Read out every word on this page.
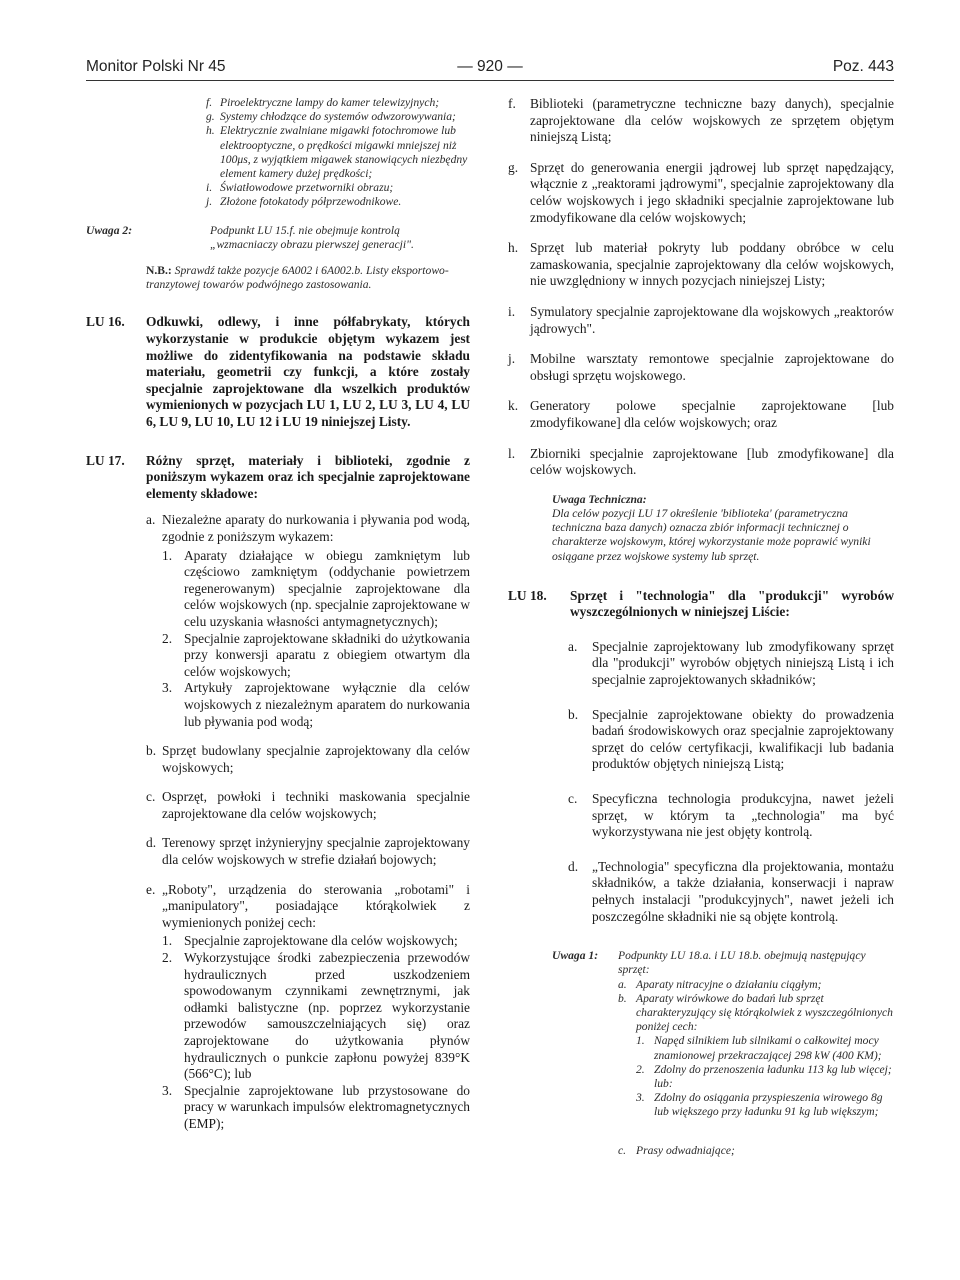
Monitor Polski Nr 45	— 920 —	Poz. 443
f. Piroelektryczne lampy do kamer telewizyjnych;
g. Systemy chłodzące do systemów odwzorowywania;
h. Elektrycznie zwalniane migawki fotochromowe lub elektrooptyczne, o prędkości migawki mniejszej niż 100μs, z wyjątkiem migawek stanowiących niezbędny element kamery dużej prędkości;
i. Światłowodowe przetworniki obrazu;
j. Złożone fotokatody półprzewodnikowe.
Uwaga 2:	Podpunkt LU 15.f. nie obejmuje kontrolą „wzmacniaczy obrazu pierwszej generacji".
N.B.: Sprawdź także pozycje 6A002 i 6A002.b. Listy eksportowo-tranzytowej towarów podwójnego zastosowania.
LU 16.	Odkuwki, odlewy, i inne półfabrykaty, których wykorzystanie w produkcie objętym wykazem jest możliwe do zidentyfikowania na podstawie składu materiału, geometrii czy funkcji, a które zostały specjalnie zaprojektowane dla wszelkich produktów wymienionych w pozycjach LU 1, LU 2, LU 3, LU 4, LU 6, LU 9, LU 10, LU 12 i LU 19 niniejszej Listy.
LU 17.	Różny sprzęt, materiały i biblioteki, zgodnie z poniższym wykazem oraz ich specjalnie zaprojektowane elementy składowe:
a. Niezależne aparaty do nurkowania i pływania pod wodą, zgodnie z poniższym wykazem:
1. Aparaty działające w obiegu zamkniętym lub częściowo zamkniętym (oddychanie powietrzem regenerowanym) specjalnie zaprojektowane dla celów wojskowych (np. specjalnie zaprojektowane w celu uzyskania własności antymagnetycznych);
2. Specjalnie zaprojektowane składniki do użytkowania przy konwersji aparatu z obiegiem otwartym dla celów wojskowych;
3. Artykuły zaprojektowane wyłącznie dla celów wojskowych z niezależnym aparatem do nurkowania lub pływania pod wodą;
b. Sprzęt budowlany specjalnie zaprojektowany dla celów wojskowych;
c. Osprzęt, powłoki i techniki maskowania specjalnie zaprojektowane dla celów wojskowych;
d. Terenowy sprzęt inżynieryjny specjalnie zaprojektowany dla celów wojskowych w strefie działań bojowych;
e. „Roboty", urządzenia do sterowania „robotami" i „manipulatory", posiadające którąkolwiek z wymienionych poniżej cech:
1. Specjalnie zaprojektowane dla celów wojskowych;
2. Wykorzystujące środki zabezpieczenia przewodów hydraulicznych przed uszkodzeniem spowodowanym czynnikami zewnętrznymi, jak odłamki balistyczne (np. poprzez wykorzystanie przewodów samouszczelniających się) oraz zaprojektowane do użytkowania płynów hydraulicznych o punkcie zapłonu powyżej 839°K (566°C); lub
3. Specjalnie zaprojektowane lub przystosowane do pracy w warunkach impulsów elektromagnetycznych (EMP);
f.	Biblioteki (parametryczne techniczne bazy danych), specjalnie zaprojektowane dla celów wojskowych ze sprzętem objętym niniejszą Listą;
g. Sprzęt do generowania energii jądrowej lub sprzęt napędzający, włącznie z „reaktorami jądrowymi", specjalnie zaprojektowany dla celów wojskowych i jego składniki specjalnie zaprojektowane lub zmodyfikowane dla celów wojskowych;
h. Sprzęt lub materiał pokryty lub poddany obróbce w celu zamaskowania, specjalnie zaprojektowany dla celów wojskowych, nie uwzględniony w innych pozycjach niniejszej Listy;
i.	Symulatory specjalnie zaprojektowane dla wojskowych „reaktorów jądrowych".
j.	Mobilne warsztaty remontowe specjalnie zaprojektowane do obsługi sprzętu wojskowego.
k. Generatory polowe specjalnie zaprojektowane [lub zmodyfikowane] dla celów wojskowych; oraz
l.	Zbiorniki specjalnie zaprojektowane [lub zmodyfikowane] dla celów wojskowych.
Uwaga Techniczna:
Dla celów pozycji LU 17 określenie 'biblioteka' (parametryczna techniczna baza danych) oznacza zbiór informacji technicznej o charakterze wojskowym, której wykorzystanie może poprawić wyniki osiągane przez wojskowe systemy lub sprzęt.
LU 18.	Sprzęt i "technologia" dla "produkcji" wyrobów wyszczególnionych w niniejszej Liście:
a.	Specjalnie zaprojektowany lub zmodyfikowany sprzęt dla "produkcji" wyrobów objętych niniejszą Listą i ich specjalnie zaprojektowanych składników;
b.	Specjalnie zaprojektowane obiekty do prowadzenia badań środowiskowych oraz specjalnie zaprojektowany sprzęt do celów certyfikacji, kwalifikacji lub badania produktów objętych niniejszą Listą;
c.	Specyficzna technologia produkcyjna, nawet jeżeli sprzęt, w którym ta „technologia" ma być wykorzystywana nie jest objęty kontrolą.
d.	„Technologia" specyficzna dla projektowania, montażu składników, a także działania, konserwacji i napraw pełnych instalacji "produkcyjnych", nawet jeżeli ich poszczególne składniki nie są objęte kontrolą.
Uwaga 1:	Podpunkty LU 18.a. i LU 18.b. obejmują następujący sprzęt:
a. Aparaty nitracyjne o działaniu ciągłym;
b. Aparaty wirówkowe do badań lub sprzęt charakteryzujący się którąkolwiek z wyszczególnionych poniżej cech:
1. Napęd silnikiem lub silnikami o całkowitej mocy znamionowej przekraczającej 298 kW (400 KM);
2. Zdolny do przenoszenia ładunku 113 kg lub więcej; lub:
3. Zdolny do osiągania przyspieszenia wirowego 8g lub większego przy ładunku 91 kg lub większym;
c. Prasy odwadniające;
